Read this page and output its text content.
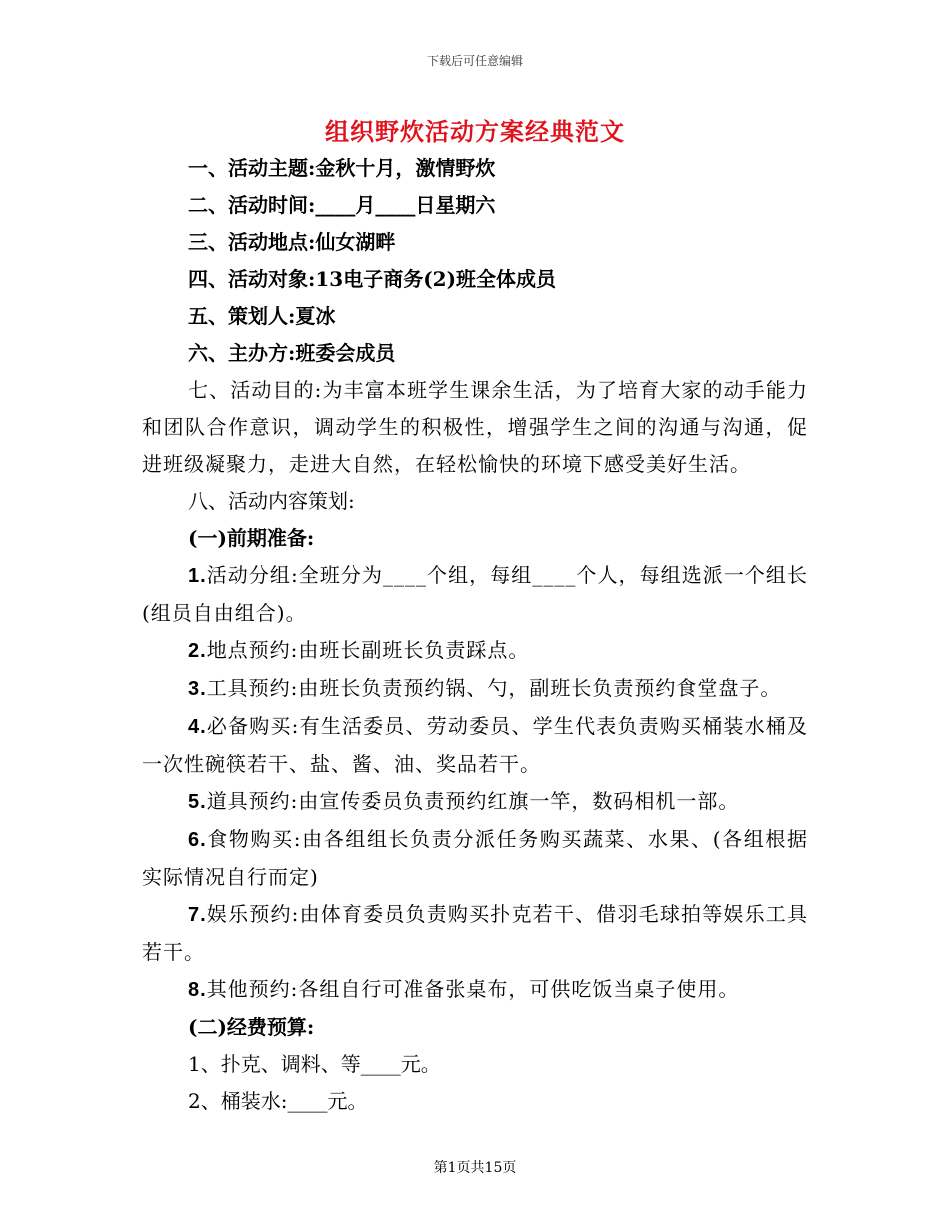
下载后可任意编辑
组织野炊活动方案经典范文
一、活动主题:金秋十月，激情野炊
二、活动时间:____月____日星期六
三、活动地点:仙女湖畔
四、活动对象:13电子商务(2)班全体成员
五、策划人:夏冰
六、主办方:班委会成员
七、活动目的:为丰富本班学生课余生活，为了培育大家的动手能力和团队合作意识，调动学生的积极性，增强学生之间的沟通与沟通，促进班级凝聚力，走进大自然，在轻松愉快的环境下感受美好生活。
八、活动内容策划:
(一)前期准备:
1.活动分组:全班分为____个组，每组____个人，每组选派一个组长(组员自由组合)。
2.地点预约:由班长副班长负责踩点。
3.工具预约:由班长负责预约锅、勺，副班长负责预约食堂盘子。
4.必备购买:有生活委员、劳动委员、学生代表负责购买桶装水桶及一次性碗筷若干、盐、酱、油、奖品若干。
5.道具预约:由宣传委员负责预约红旗一竿，数码相机一部。
6.食物购买:由各组组长负责分派任务购买蔬菜、水果、(各组根据实际情况自行而定)
7.娱乐预约:由体育委员负责购买扑克若干、借羽毛球拍等娱乐工具若干。
8.其他预约:各组自行可准备张桌布，可供吃饭当桌子使用。
(二)经费预算:
1、扑克、调料、等____元。
2、桶装水:____元。
第1页共15页
